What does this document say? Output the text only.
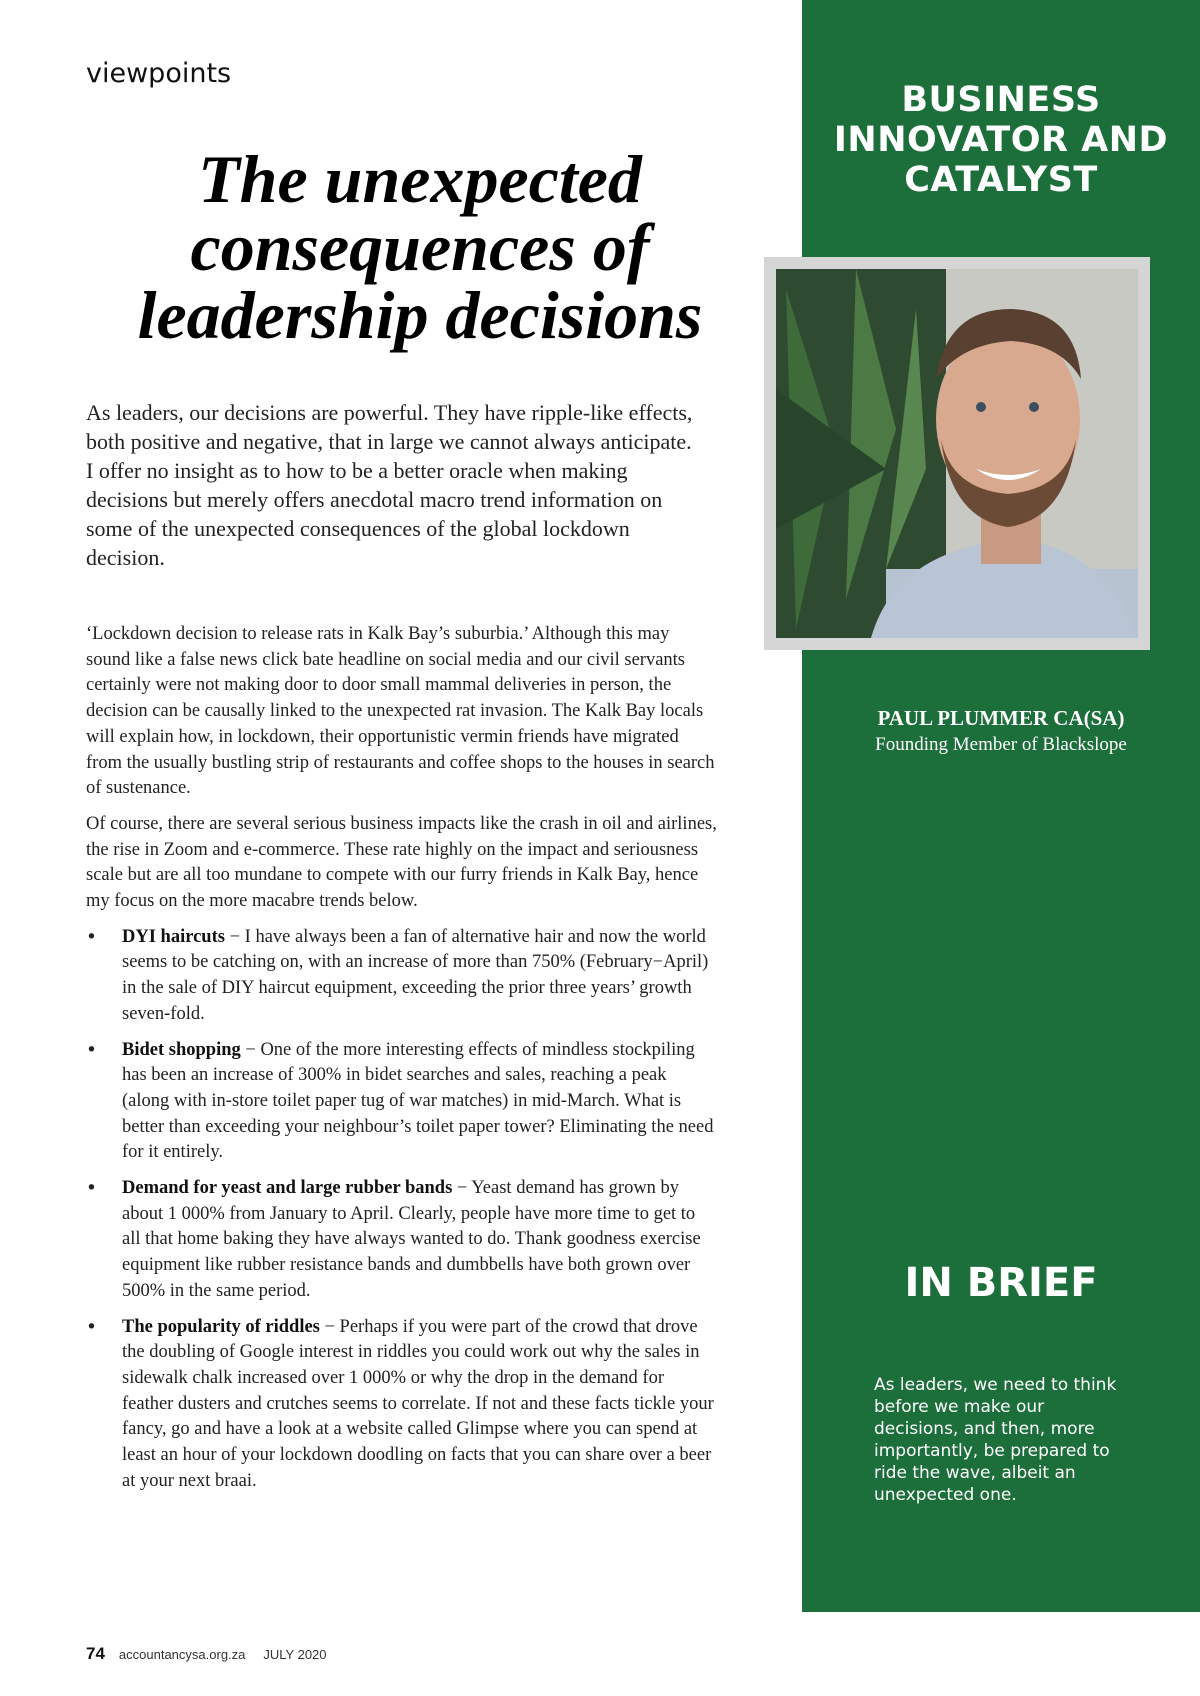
viewpoints
The unexpected consequences of leadership decisions

As leaders, our decisions are powerful. They have ripple-like effects, both positive and negative, that in large we cannot always anticipate. I offer no insight as to how to be a better oracle when making decisions but merely offers anecdotal macro trend information on some of the unexpected consequences of the global lockdown decision.

‘Lockdown decision to release rats in Kalk Bay’s suburbia.’ Although this may sound like a false news click bate headline on social media and our civil servants certainly were not making door to door small mammal deliveries in person, the decision can be causally linked to the unexpected rat invasion. The Kalk Bay locals will explain how, in lockdown, their opportunistic vermin friends have migrated from the usually bustling strip of restaurants and coffee shops to the houses in search of sustenance.

Of course, there are several serious business impacts like the crash in oil and airlines, the rise in Zoom and e-commerce. These rate highly on the impact and seriousness scale but are all too mundane to compete with our furry friends in Kalk Bay, hence my focus on the more macabre trends below.

• DYI haircuts − I have always been a fan of alternative hair and now the world seems to be catching on, with an increase of more than 750% (February−April) in the sale of DIY haircut equipment, exceeding the prior three years’ growth seven-fold.
• Bidet shopping − One of the more interesting effects of mindless stockpiling has been an increase of 300% in bidet searches and sales, reaching a peak (along with in-store toilet paper tug of war matches) in mid-March. What is better than exceeding your neighbour’s toilet paper tower? Eliminating the need for it entirely.
• Demand for yeast and large rubber bands − Yeast demand has grown by about 1 000% from January to April. Clearly, people have more time to get to all that home baking they have always wanted to do. Thank goodness exercise equipment like rubber resistance bands and dumbbells have both grown over 500% in the same period.
• The popularity of riddles − Perhaps if you were part of the crowd that drove the doubling of Google interest in riddles you could work out why the sales in sidewalk chalk increased over 1 000% or why the drop in the demand for feather dusters and crutches seems to correlate. If not and these facts tickle your fancy, go and have a look at a website called Glimpse where you can spend at least an hour of your lockdown doodling on facts that you can share over a beer at your next braai.
BUSINESS INNOVATOR AND CATALYST
PAUL PLUMMER CA(SA)
Founding Member of Blackslope
IN BRIEF

As leaders, we need to think before we make our decisions, and then, more importantly, be prepared to ride the wave, albeit an unexpected one.

74 accountancysa.org.za JULY 2020
